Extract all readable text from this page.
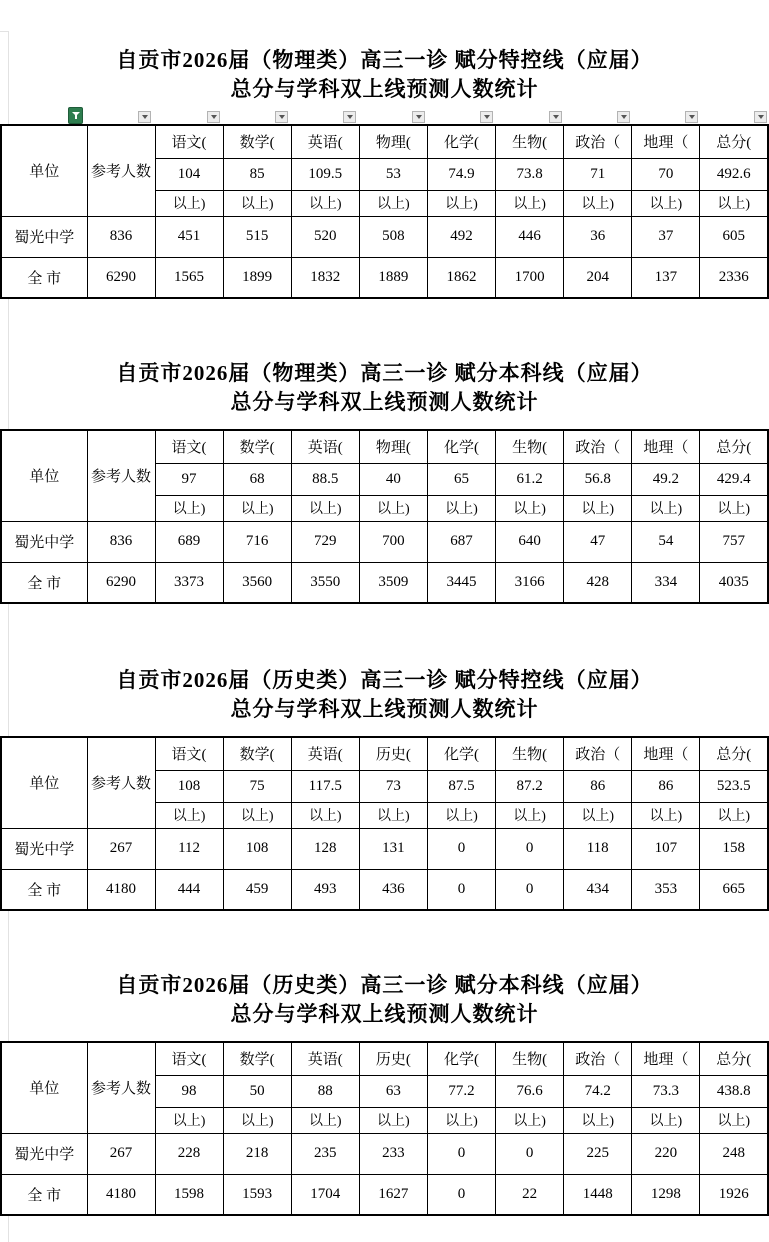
自贡市2026届（物理类）高三一诊 赋分特控线（应届）
总分与学科双上线预测人数统计
单位	参考人数	语文(	数学(	英语(	物理(	化学(	生物(	政治（	地理（	总分(
		104	85	109.5	53	74.9	73.8	71	70	492.6
		以上)	以上)	以上)	以上)	以上)	以上)	以上)	以上)	以上)
蜀光中学	836	451	515	520	508	492	446	36	37	605
全 市	6290	1565	1899	1832	1889	1862	1700	204	137	2336
自贡市2026届（物理类）高三一诊 赋分本科线（应届）
总分与学科双上线预测人数统计
单位	参考人数	语文(	数学(	英语(	物理(	化学(	生物(	政治（	地理（	总分(
		97	68	88.5	40	65	61.2	56.8	49.2	429.4
		以上)	以上)	以上)	以上)	以上)	以上)	以上)	以上)	以上)
蜀光中学	836	689	716	729	700	687	640	47	54	757
全 市	6290	3373	3560	3550	3509	3445	3166	428	334	4035
自贡市2026届（历史类）高三一诊 赋分特控线（应届）
总分与学科双上线预测人数统计
单位	参考人数	语文(	数学(	英语(	历史(	化学(	生物(	政治（	地理（	总分(
		108	75	117.5	73	87.5	87.2	86	86	523.5
		以上)	以上)	以上)	以上)	以上)	以上)	以上)	以上)	以上)
蜀光中学	267	112	108	128	131	0	0	118	107	158
全 市	4180	444	459	493	436	0	0	434	353	665
自贡市2026届（历史类）高三一诊 赋分本科线（应届）
总分与学科双上线预测人数统计
单位	参考人数	语文(	数学(	英语(	历史(	化学(	生物(	政治（	地理（	总分(
		98	50	88	63	77.2	76.6	74.2	73.3	438.8
		以上)	以上)	以上)	以上)	以上)	以上)	以上)	以上)	以上)
蜀光中学	267	228	218	235	233	0	0	225	220	248
全 市	4180	1598	1593	1704	1627	0	22	1448	1298	1926
